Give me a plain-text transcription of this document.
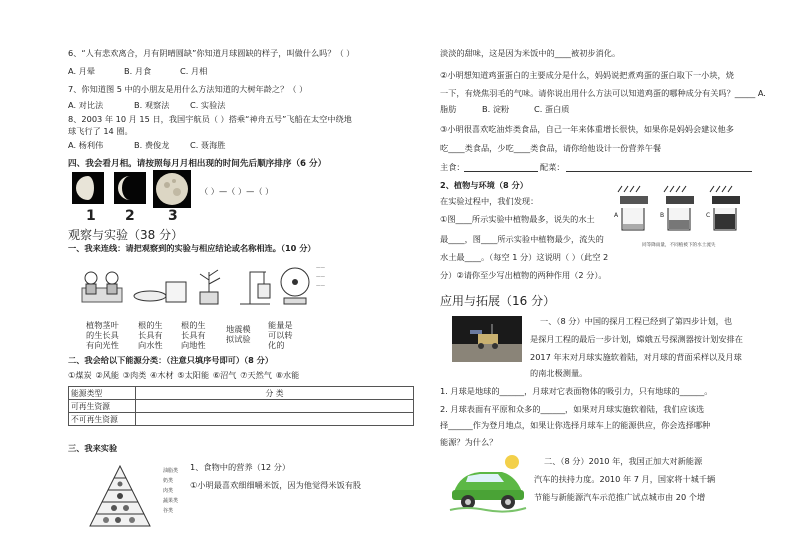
6、“人有悲欢离合，月有阴晴圆缺”你知道月球圆缺的样子，叫做什么吗？（ ）
A. 月晕	B. 月食	C. 月相
7、你知道图 5 中的小朋友是用什么方法知道的大树年龄之？（ ）
A. 对比法	B. 观察法	C. 实验法
8、2003 年 10 月 15 日，我国宇航员（ ）搭乘“神舟五号”飞船在太空中绕地
球飞行了 14 圈。
A. 杨利伟	B. 费俊龙	C. 聂海胜
四、我会看月相。请按照每月月相出现的时间先后顺序排序（6 分）
1 2 3
（ ）—（ ）—（ ）
观察与实验（38 分）
一、我来连线：请把观察到的实验与相应结论或名称相连。（10 分）
——
——
——
植物茎叶
的生长具
有向光性
根的生
长具有
向水性
根的生
长具有
向地性
地震模
拟试验
能量是
可以转
化的
二、我会给以下能源分类：（注意只填序号即可）（8 分）
①煤炭 ②风能 ③肉类 ④木材 ⑤太阳能 ⑥沼气 ⑦天然气 ⑧水能
能源类型	分 类
可再生资源	
不可再生资源	
三、我来实验
油脂类
奶类
肉类
蔬果类
谷类
1、食物中的营养（12 分）
①小明最喜欢细细嚼米饭，因为他觉得米饭有股
淡淡的甜味，这是因为米饭中的____被初步消化。
②小明想知道鸡蛋蛋白的主要成分是什么，妈妈说把煮鸡蛋的蛋白取下一小块，烧
一下，有烧焦羽毛的气味。请你说出用什么方法可以知道鸡蛋的哪种成分有关吗？_____ A.
脂肪	B. 淀粉	C. 蛋白质
③小明很喜欢吃油炸类食品，自己一年来体重增长很快，如果你是妈妈会建议他多
吃____类食品，少吃____类食品，请你给他设计一份营养午餐
主食：	配菜：
2、植物与环境（8 分）
在实验过程中，我们发现：
①图____所示实验中植物最多，说失的水土
最____，图____所示实验中植物最少，流失的
水土最____。（每空 1 分）这说明（ ）（此空 2
分）②请你至少写出植物的两种作用（2 分）。
A	B	C
同等降雨量，不同植被下的水土流失
应用与拓展（16 分）
一、（8 分）中国的探月工程已经到了第四步计划，也
是探月工程的最后一步计划，嫦娥五号探测器按计划安排在
2017 年末对月球实施软着陆，对月球的背面采样以及月球
的南北极测量。
1. 月球是地球的______，月球对它表面物体的吸引力，只有地球的______。
2. 月球表面有平原和众多的______，如果对月球实施软着陆，我们应该选
择______作为登月地点，如果让你选择月球车上的能源供应，你会选择哪种
能源？为什么？
二、（8 分）2010 年，我国正加大对新能源
汽车的扶持力度。2010 年 7 月，国家将十城千辆
节能与新能源汽车示范推广试点城市由 20 个增
